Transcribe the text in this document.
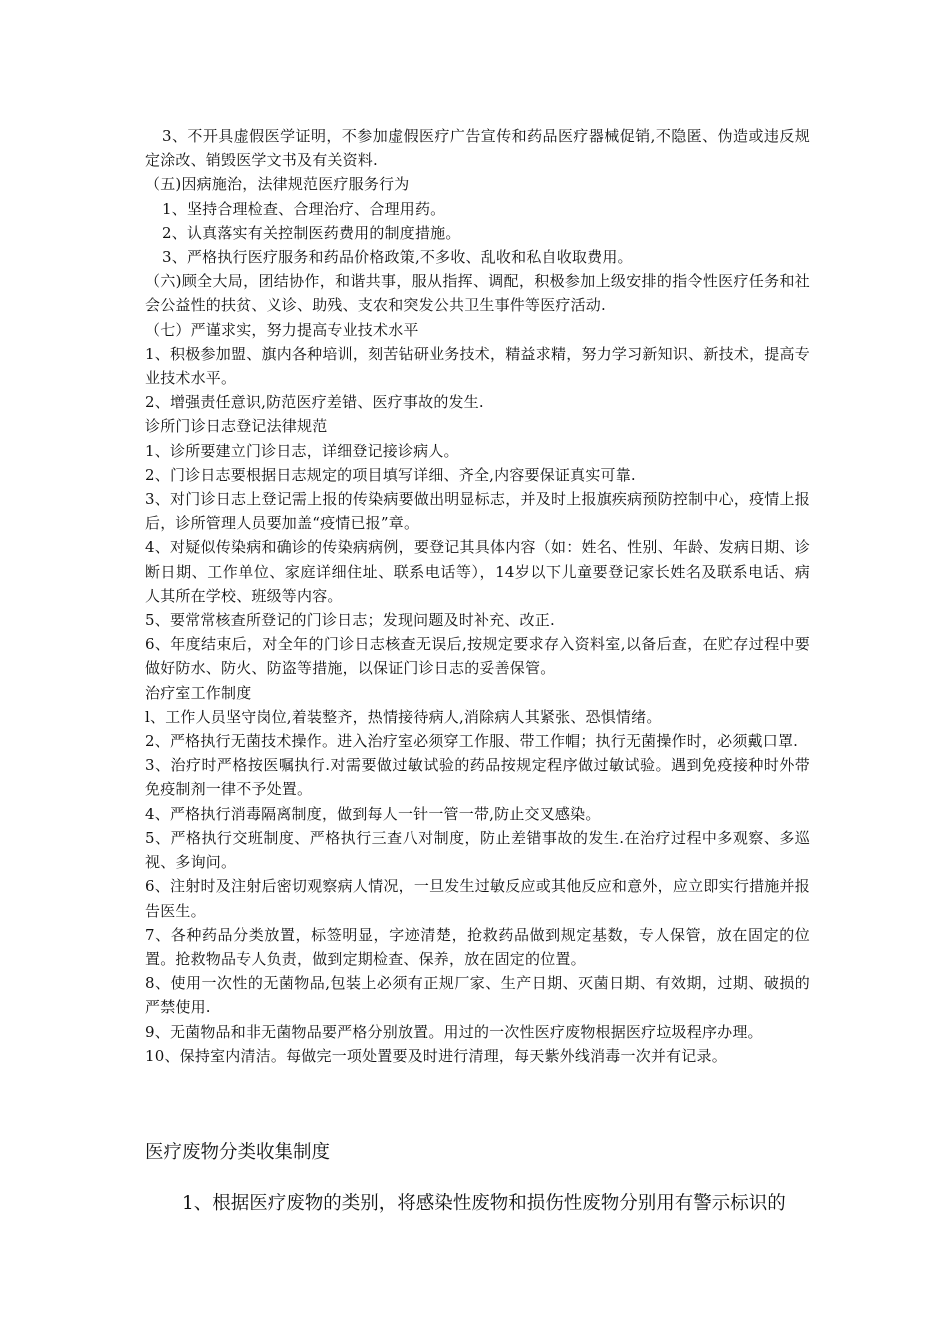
3、不开具虚假医学证明，不参加虚假医疗广告宣传和药品医疗器械促销,不隐匿、伪造或违反规定涂改、销毁医学文书及有关资料.

（五)因病施治，法律规范医疗服务行为

1、坚持合理检查、合理治疗、合理用药。

2、认真落实有关控制医药费用的制度措施。

3、严格执行医疗服务和药品价格政策,不多收、乱收和私自收取费用。

（六)顾全大局，团结协作，和谐共事，服从指挥、调配，积极参加上级安排的指令性医疗任务和社会公益性的扶贫、义诊、助残、支农和突发公共卫生事件等医疗活动.

（七）严谨求实，努力提高专业技术水平

1、积极参加盟、旗内各种培训，刻苦钻研业务技术，精益求精，努力学习新知识、新技术，提高专业技术水平。

2、增强责任意识,防范医疗差错、医疗事故的发生.

诊所门诊日志登记法律规范

1、诊所要建立门诊日志，详细登记接诊病人。

2、门诊日志要根据日志规定的项目填写详细、齐全,内容要保证真实可靠.

3、对门诊日志上登记需上报的传染病要做出明显标志，并及时上报旗疾病预防控制中心，疫情上报后，诊所管理人员要加盖“疫情已报”章。

4、对疑似传染病和确诊的传染病病例，要登记其具体内容（如：姓名、性别、年龄、发病日期、诊断日期、工作单位、家庭详细住址、联系电话等），14岁以下儿童要登记家长姓名及联系电话、病人其所在学校、班级等内容。

5、要常常核查所登记的门诊日志；发现问题及时补充、改正.

6、年度结束后，对全年的门诊日志核查无误后,按规定要求存入资料室,以备后查，在贮存过程中要做好防水、防火、防盗等措施，以保证门诊日志的妥善保管。

治疗室工作制度

l、工作人员坚守岗位,着装整齐，热情接待病人,消除病人其紧张、恐惧情绪。

2、严格执行无菌技术操作。进入治疗室必须穿工作服、带工作帽；执行无菌操作时，必须戴口罩.

3、治疗时严格按医嘱执行.对需要做过敏试验的药品按规定程序做过敏试验。遇到免疫接种时外带免疫制剂一律不予处置。

4、严格执行消毒隔离制度，做到每人一针一管一带,防止交叉感染。

5、严格执行交班制度、严格执行三查八对制度，防止差错事故的发生.在治疗过程中多观察、多巡视、多询问。

6、注射时及注射后密切观察病人情况，一旦发生过敏反应或其他反应和意外，应立即实行措施并报告医生。

7、各种药品分类放置，标签明显，字迹清楚，抢救药品做到规定基数，专人保管，放在固定的位置。抢救物品专人负责，做到定期检查、保养，放在固定的位置。

8、使用一次性的无菌物品,包装上必须有正规厂家、生产日期、灭菌日期、有效期，过期、破损的严禁使用.

9、无菌物品和非无菌物品要严格分别放置。用过的一次性医疗废物根据医疗垃圾程序办理。

10、保持室内清洁。每做完一项处置要及时进行清理，每天紫外线消毒一次并有记录。

医疗废物分类收集制度

1、根据医疗废物的类别，将感染性废物和损伤性废物分别用有警示标识的
